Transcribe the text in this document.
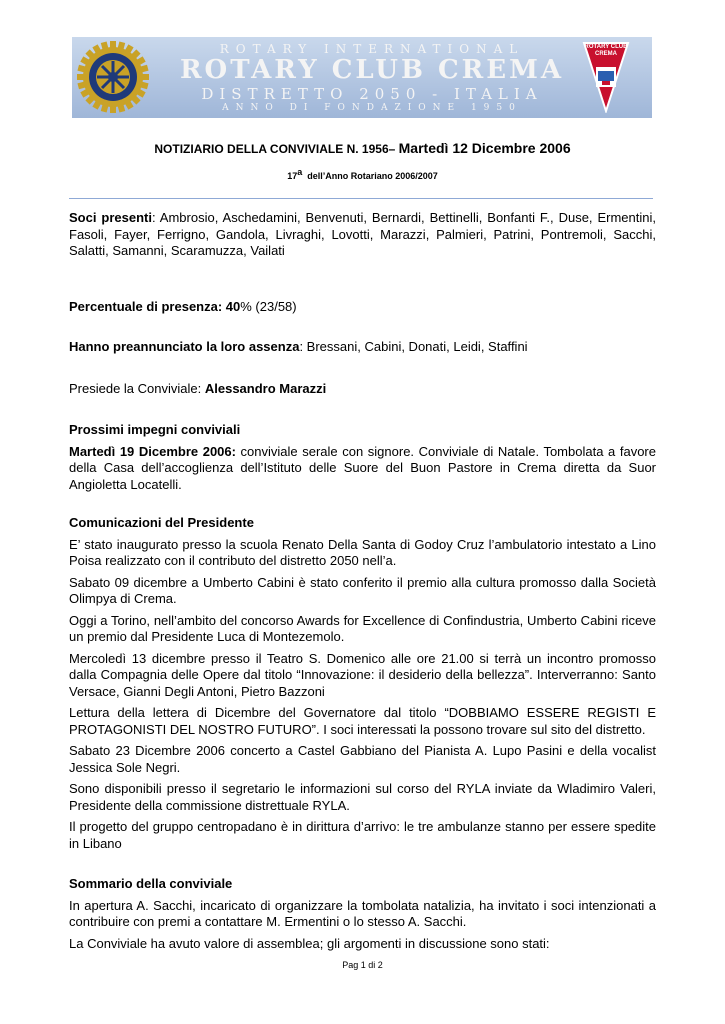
ROTARY INTERNATIONAL
ROTARY CLUB CREMA
DISTRETTO 2050 - ITALIA
ANNO DI FONDAZIONE 1950
ROTARY CLUB
CREMA
NOTIZIARIO DELLA CONVIVIALE N. 1956– Martedì 12 Dicembre 2006
17$^a$ dell’Anno Rotariano 2006/2007

Soci presenti: Ambrosio, Aschedamini, Benvenuti, Bernardi, Bettinelli, Bonfanti F., Duse, Ermentini, Fasoli, Fayer, Ferrigno, Gandola, Livraghi, Lovotti, Marazzi, Palmieri, Patrini, Pontremoli, Sacchi, Salatti, Samanni, Scaramuzza, Vailati

Percentuale di presenza: 40% (23/58)

Hanno preannunciato la loro assenza: Bressani, Cabini, Donati, Leidi, Staffini

Presiede la Conviviale: Alessandro Marazzi

Prossimi impegni conviviali

Martedì 19 Dicembre 2006: conviviale serale con signore. Conviviale di Natale. Tombolata a favore della Casa dell’accoglienza dell’Istituto delle Suore del Buon Pastore in Crema diretta da Suor Angioletta Locatelli.

Comunicazioni del Presidente

E’ stato inaugurato presso la scuola Renato Della Santa di Godoy Cruz l’ambulatorio intestato a Lino Poisa realizzato con il contributo del distretto 2050 nell’a.

Sabato 09 dicembre a Umberto Cabini è stato conferito il premio alla cultura promosso dalla Società Olimpya di Crema.

Oggi a Torino, nell’ambito del concorso Awards for Excellence di Confindustria, Umberto Cabini riceve un premio dal Presidente Luca di Montezemolo.

Mercoledì 13 dicembre presso il Teatro S. Domenico alle ore 21.00 si terrà un incontro promosso dalla Compagnia delle Opere dal titolo “Innovazione: il desiderio della bellezza”. Interverranno: Santo Versace, Gianni Degli Antoni, Pietro Bazzoni

Lettura della lettera di Dicembre del Governatore dal titolo “DOBBIAMO ESSERE REGISTI E PROTAGONISTI DEL NOSTRO FUTURO”. I soci interessati la possono trovare sul sito del distretto.

Sabato 23 Dicembre 2006 concerto a Castel Gabbiano del Pianista A. Lupo Pasini e della vocalist Jessica Sole Negri.

Sono disponibili presso il segretario le informazioni sul corso del RYLA inviate da Wladimiro Valeri, Presidente della commissione distrettuale RYLA.

Il progetto del gruppo centropadano è in dirittura d’arrivo: le tre ambulanze stanno per essere spedite in Libano

Sommario della conviviale

In apertura A. Sacchi, incaricato di organizzare la tombolata natalizia, ha invitato i soci intenzionati a contribuire con premi a contattare M. Ermentini o lo stesso A. Sacchi.

La Conviviale ha avuto valore di assemblea; gli argomenti in discussione sono stati:

Pag 1 di 2
